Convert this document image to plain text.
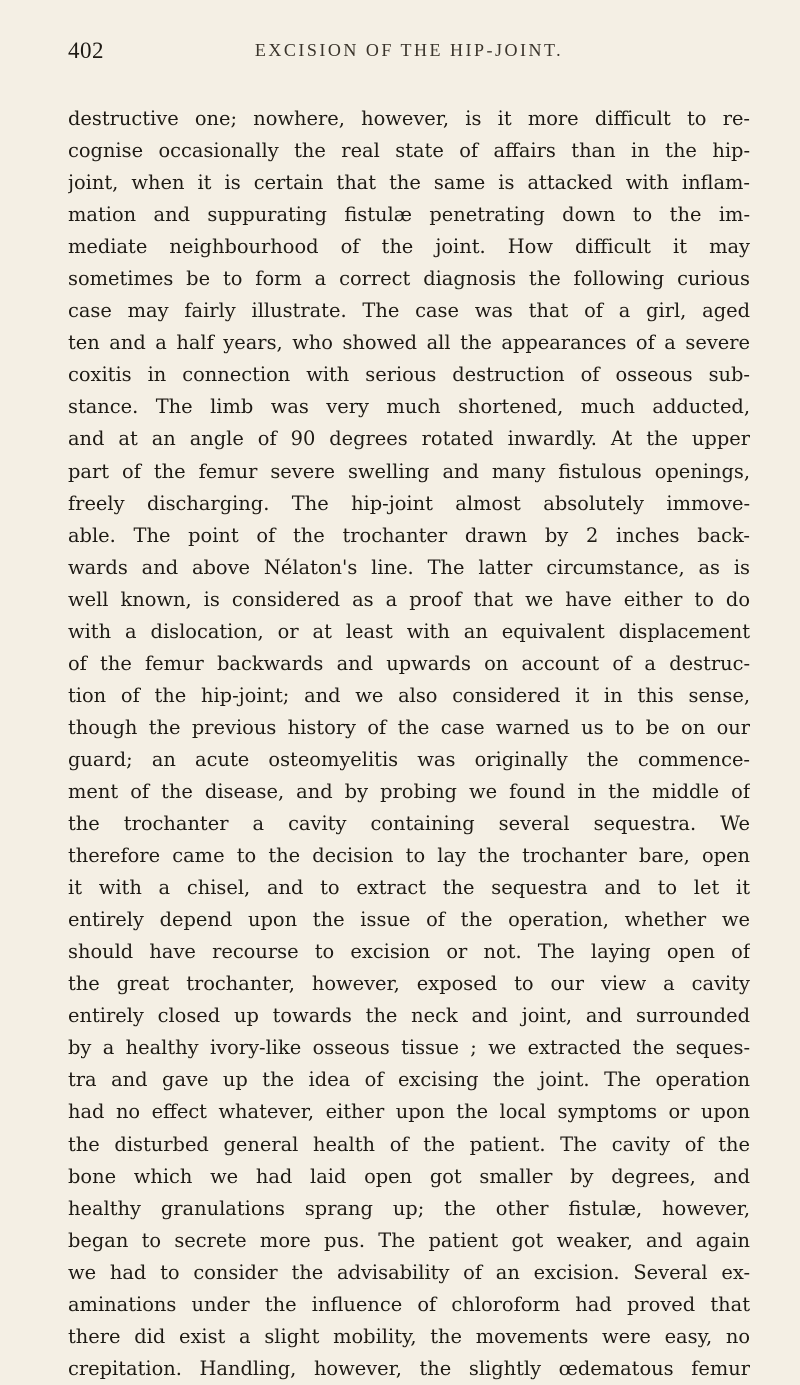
402	EXCISION OF THE HIP-JOINT.
destructive one; nowhere, however, is it more difficult to re-
cognise occasionally the real state of affairs than in the hip-
joint, when it is certain that the same is attacked with inflam-
mation and suppurating fistulæ penetrating down to the im-
mediate neighbourhood of the joint. How difficult it may
sometimes be to form a correct diagnosis the following curious
case may fairly illustrate. The case was that of a girl, aged
ten and a half years, who showed all the appearances of a severe
coxitis in connection with serious destruction of osseous sub-
stance. The limb was very much shortened, much adducted,
and at an angle of 90 degrees rotated inwardly. At the upper
part of the femur severe swelling and many fistulous openings,
freely discharging. The hip-joint almost absolutely immove-
able. The point of the trochanter drawn by 2 inches back-
wards and above Nélaton's line. The latter circumstance, as is
well known, is considered as a proof that we have either to do
with a dislocation, or at least with an equivalent displacement
of the femur backwards and upwards on account of a destruc-
tion of the hip-joint; and we also considered it in this sense,
though the previous history of the case warned us to be on our
guard; an acute osteomyelitis was originally the commence-
ment of the disease, and by probing we found in the middle of
the trochanter a cavity containing several sequestra. We
therefore came to the decision to lay the trochanter bare, open
it with a chisel, and to extract the sequestra and to let it
entirely depend upon the issue of the operation, whether we
should have recourse to excision or not. The laying open of
the great trochanter, however, exposed to our view a cavity
entirely closed up towards the neck and joint, and surrounded
by a healthy ivory-like osseous tissue ; we extracted the seques-
tra and gave up the idea of excising the joint. The operation
had no effect whatever, either upon the local symptoms or upon
the disturbed general health of the patient. The cavity of the
bone which we had laid open got smaller by degrees, and
healthy granulations sprang up; the other fistulæ, however,
began to secrete more pus. The patient got weaker, and again
we had to consider the advisability of an excision. Several ex-
aminations under the influence of chloroform had proved that
there did exist a slight mobility, the movements were easy, no
crepitation. Handling, however, the slightly œdematous femur
